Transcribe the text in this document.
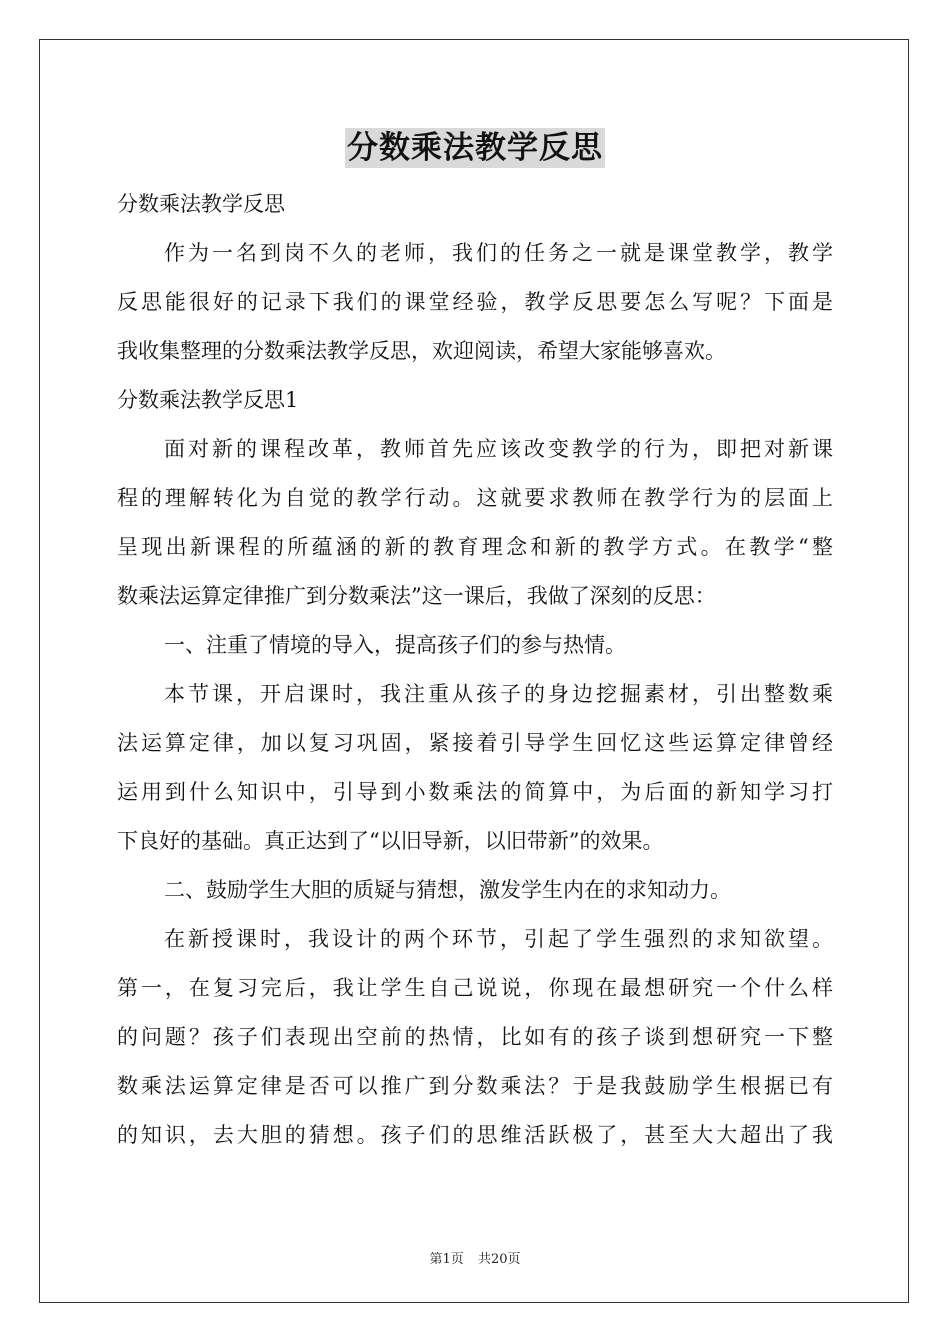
分数乘法教学反思
分数乘法教学反思
作为一名到岗不久的老师，我们的任务之一就是课堂教学，教学
反思能很好的记录下我们的课堂经验，教学反思要怎么写呢？下面是
我收集整理的分数乘法教学反思，欢迎阅读，希望大家能够喜欢。
分数乘法教学反思1
面对新的课程改革，教师首先应该改变教学的行为，即把对新课
程的理解转化为自觉的教学行动。这就要求教师在教学行为的层面上
呈现出新课程的所蕴涵的新的教育理念和新的教学方式。在教学“整
数乘法运算定律推广到分数乘法”这一课后，我做了深刻的反思：
一、注重了情境的导入，提高孩子们的参与热情。
本节课，开启课时，我注重从孩子的身边挖掘素材，引出整数乘
法运算定律，加以复习巩固，紧接着引导学生回忆这些运算定律曾经
运用到什么知识中，引导到小数乘法的简算中，为后面的新知学习打
下良好的基础。真正达到了“以旧导新，以旧带新”的效果。
二、鼓励学生大胆的质疑与猜想，激发学生内在的求知动力。
在新授课时，我设计的两个环节，引起了学生强烈的求知欲望。
第一，在复习完后，我让学生自己说说，你现在最想研究一个什么样
的问题？孩子们表现出空前的热情，比如有的孩子谈到想研究一下整
数乘法运算定律是否可以推广到分数乘法？于是我鼓励学生根据已有
的知识，去大胆的猜想。孩子们的思维活跃极了，甚至大大超出了我
第1页 共20页
